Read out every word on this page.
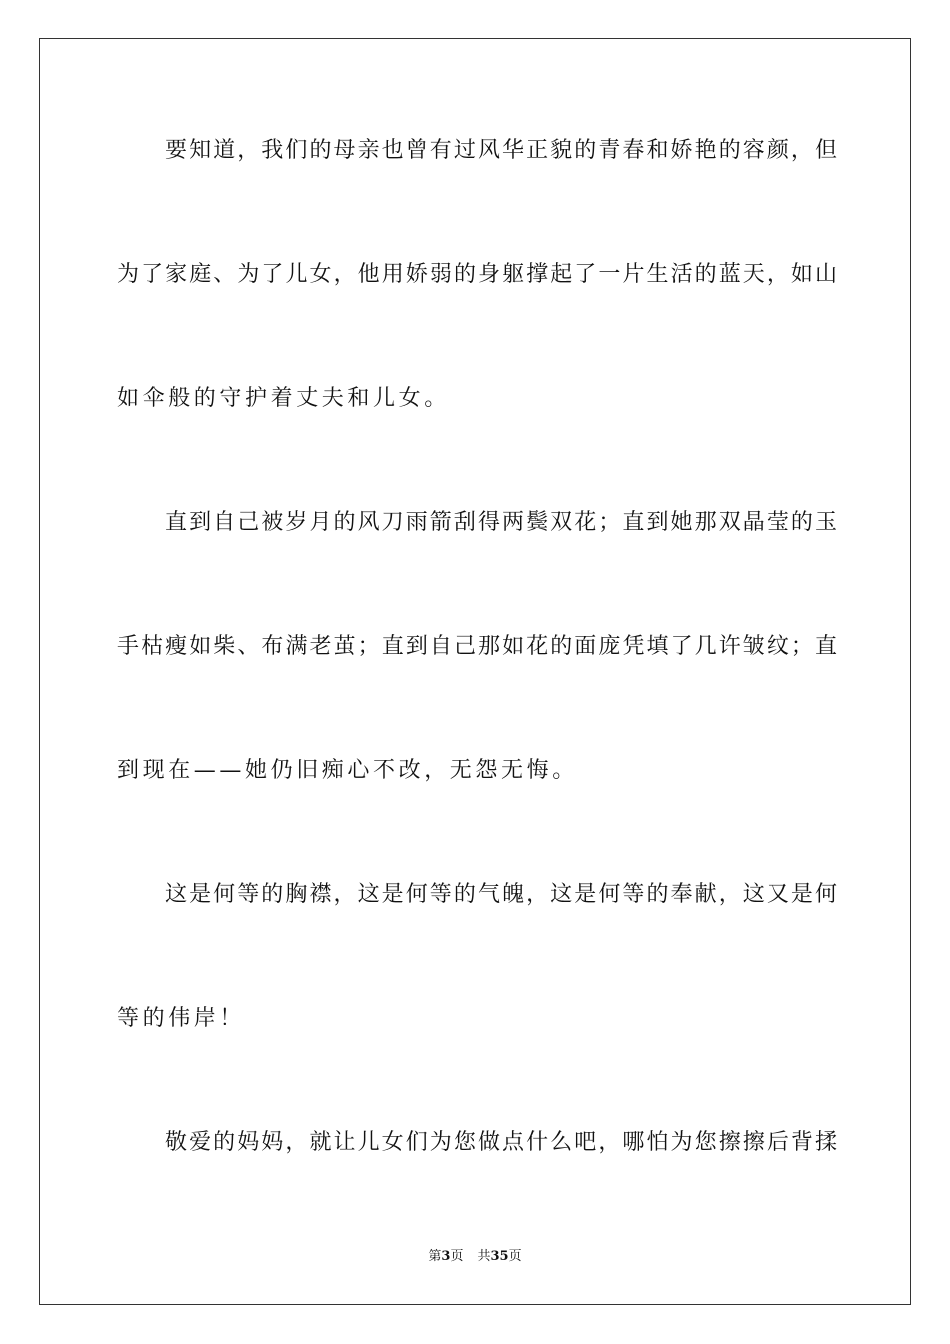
要知道，我们的母亲也曾有过风华正貌的青春和娇艳的容颜，但
为了家庭、为了儿女，他用娇弱的身躯撑起了一片生活的蓝天，如山
如伞般的守护着丈夫和儿女。
直到自己被岁月的风刀雨箭刮得两鬓双花；直到她那双晶莹的玉
手枯瘦如柴、布满老茧；直到自己那如花的面庞凭填了几许皱纹；直
到现在——她仍旧痴心不改，无怨无悔。
这是何等的胸襟，这是何等的气魄，这是何等的奉献，这又是何
等的伟岸！
敬爱的妈妈，就让儿女们为您做点什么吧，哪怕为您擦擦后背揉
第3页 共35页
